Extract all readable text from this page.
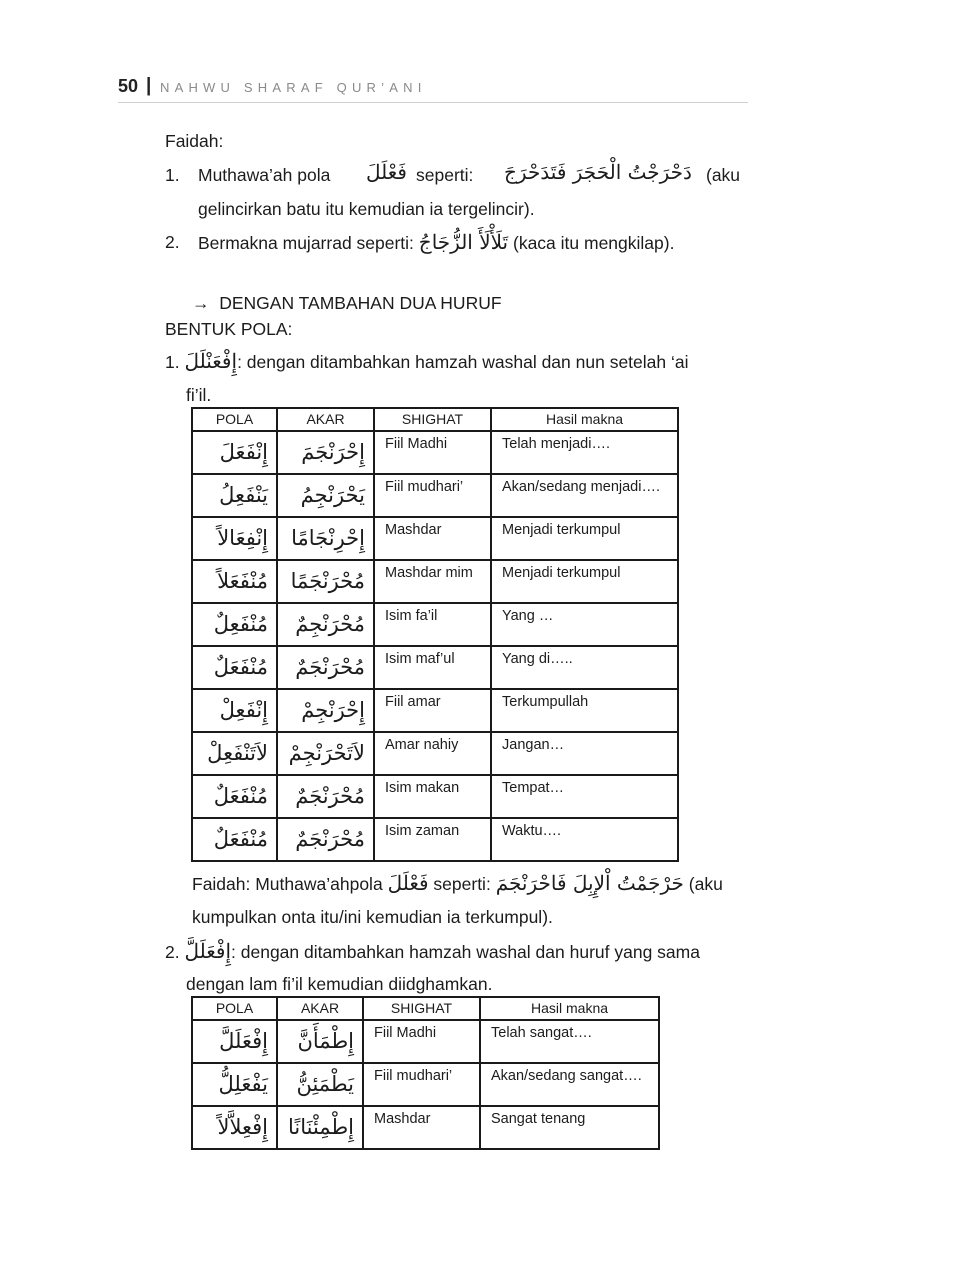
50 | NAHWU SHARAF QUR’ANI
Faidah:
1. Muthawa’ah pola فَعْلَلَ seperti: دَحْرَجْتُ الْحَجَرَ فَتَدَحْرَجَ (aku
gelincirkan batu itu kemudian ia tergelincir).
2. Bermakna mujarrad seperti: تَلَأْلَأَ الزُّجَاجُ (kaca itu mengkilap).
→ DENGAN TAMBAHAN DUA HURUF
BENTUK POLA:
1. إِفْعَنْلَلَ: dengan ditambahkan hamzah washal dan nun setelah ‘ai
fi’il.
POLA	AKAR	SHIGHAT	Hasil makna
إِنْفَعَلَ	إِحْرَنْجَمَ	Fiil Madhi	Telah menjadi….
يَنْفَعِلُ	يَحْرَنْجِمُ	Fiil mudhari’	Akan/sedang menjadi….
إِنْفِعَالاً	إِحْرِنْجَامًا	Mashdar	Menjadi terkumpul
مُنْفَعَلاً	مُحْرَنْجَمًا	Mashdar mim	Menjadi terkumpul
مُنْفَعِلٌ	مُحْرَنْجِمٌ	Isim fa’il	Yang …
مُنْفَعَلٌ	مُحْرَنْجَمٌ	Isim maf’ul	Yang di…..
إِنْفَعِلْ	إِحْرَنْجِمْ	Fiil amar	Terkumpullah
لاَتَنْفَعِلْ	لاَتَحْرَنْجِمْ	Amar nahiy	Jangan…
مُنْفَعَلٌ	مُحْرَنْجَمٌ	Isim makan	Tempat…
مُنْفَعَلٌ	مُحْرَنْجَمٌ	Isim zaman	Waktu….
Faidah: Muthawa’ahpola فَعْلَلَ seperti: حَرْجَمْتُ اْلإِبِلَ فَاحْرَنْجَمَ (aku
kumpulkan onta itu/ini kemudian ia terkumpul).
2. إِفْعَلَلَّ: dengan ditambahkan hamzah washal dan huruf yang sama
dengan lam fi’il kemudian diidghamkan.
POLA	AKAR	SHIGHAT	Hasil makna
إِفْعَلَلَّ	إِطْمَأَنَّ	Fiil Madhi	Telah sangat….
يَفْعَلِلُّ	يَطْمَئِنُّ	Fiil mudhari’	Akan/sedang sangat….
إِفْعِلاَّلاً	إِطْمِئْنَانًا	Mashdar	Sangat tenang
